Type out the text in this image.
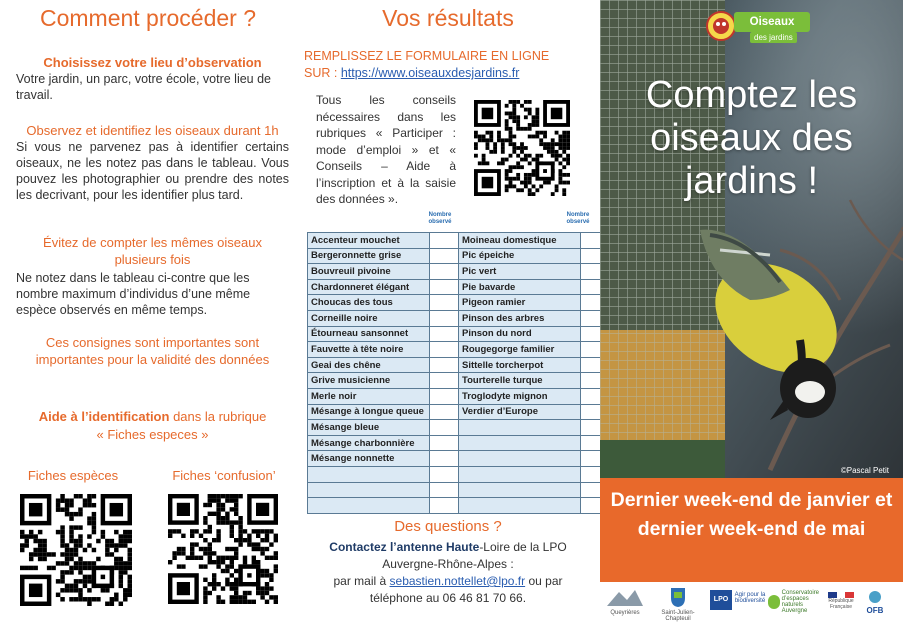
Comment procéder ?
Choisissez votre lieu d’observation
Votre jardin, un parc, votre école, votre lieu de travail.
Observez et identifiez les oiseaux durant 1h
Si vous ne parvenez pas à identifier certains oiseaux, ne les notez pas dans le tableau. Vous pouvez les photographier ou prendre des notes les decrivant, pour les identifier plus tard.
Évitez de compter les mêmes oiseaux plusieurs fois
Ne notez dans le tableau ci-contre que les nombre maximum d’individus d’une même espèce observés en même temps.
Ces consignes sont importantes sont importantes pour la validité des données
Aide à l’identification dans la rubrique « Fiches especes »
Fiches espèces	Fiches ‘confusion’
Vos résultats
REMPLISSEZ LE FORMULAIRE EN LIGNE
SUR : https://www.oiseauxdesjardins.fr
Tous les conseils nécessaires dans les rubriques « Participer : mode d’emploi » et « Conseils – Aide à l’inscription et à la saisie des données ».
Nombre observé
Nombre observé
Des questions ?
Contactez l’antenne Haute-Loire de la LPO Auvergne-Rhône-Alpes :
par mail à sebastien.nottellet@lpo.fr ou par téléphone au 06 46 81 70 66.
Accenteur mouchet		Moineau domestique	
Bergeronnette grise		Pic épeiche	
Bouvreuil pivoine		Pic vert	
Chardonneret élégant		Pie bavarde	
Choucas des tous		Pigeon ramier	
Corneille noire		Pinson des arbres	
Étourneau sansonnet		Pinson du nord	
Fauvette à tête noire		Rougegorge familier	
Geai des chêne		Sittelle torcherpot	
Grive musicienne		Tourterelle turque	
Merle noir		Troglodyte mignon	
Mésange à longue queue		Verdier d’Europe	
Mésange bleue			
Mésange charbonnière			
Mésange nonnette			

Oiseaux
des jardins
Comptez les oiseaux des jardins !
©Pascal Petit
Dernier week-end de janvier et dernier week-end de mai
Queyrières	Saint-Julien-Chapteuil
LPO
Agir pour la biodiversité
Conservatoire d’espaces naturels Auvergne
République Française	OFB
